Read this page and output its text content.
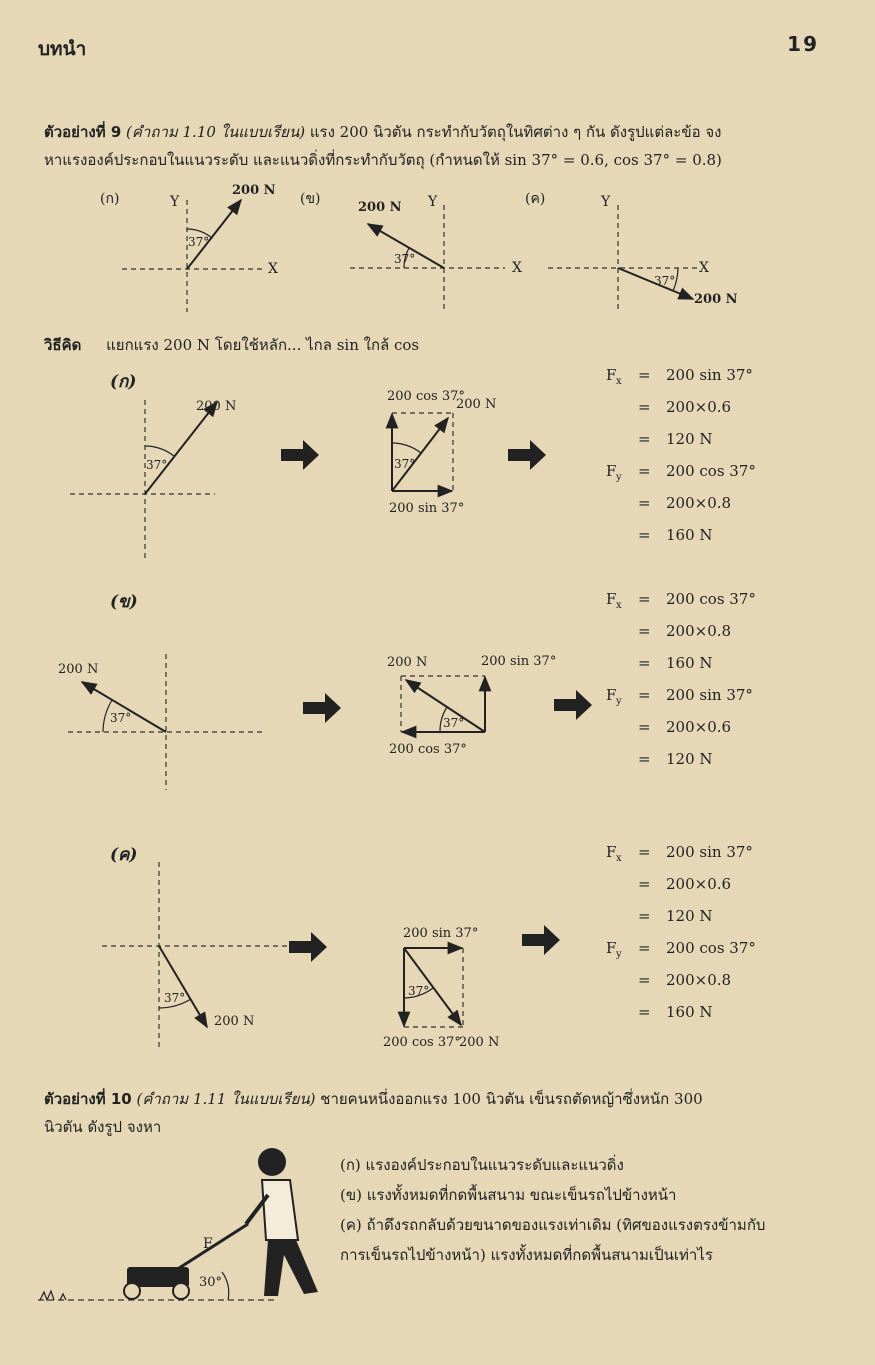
บทนำ	19
ตัวอย่างที่ 9 (คำถาม 1.10 ในแบบเรียน) แรง 200 นิวตัน กระทำกับวัตถุในทิศต่าง ๆ กัน ดังรูปแต่ละข้อ จง
หาแรงองค์ประกอบในแนวระดับ และแนวดิ่งที่กระทำกับวัตถุ (กำหนดให้ sin 37° = 0.6, cos 37° = 0.8)
วิธีคิด แยกแรง 200 N โดยใช้หลัก... ไกล sin ใกล้ cos
(ก)	Y
200 N
37°
X
(ข)
200 N Y
37°
X
(ค)	Y
X
37°
200 N
(ก)
200 N
37°
200 cos 37°
200 N
37°
200 sin 37°
(ข)
200 N
37°
200 N	200 sin 37°
37°
200 cos 37°
(ค)
37°
200 N
200 sin 37°
37°
200 cos 37°
200 N
F x = 200 sin 37°
= 200×0.6
= 120 N
F y = 200 cos 37°
= 200×0.8
= 160 N
F x = 200 cos 37°
= 200×0.8
= 160 N
F y = 200 sin 37°
= 200×0.6
= 120 N
F x = 200 sin 37°
= 200×0.6
= 120 N
F y = 200 cos 37°
= 200×0.8
= 160 N
F
30°
ตัวอย่างที่ 10 (คำถาม 1.11 ในแบบเรียน) ชายคนหนึ่งออกแรง 100 นิวตัน เข็นรถตัดหญ้าซึ่งหนัก 300
นิวตัน ดังรูป จงหา
(ก) แรงองค์ประกอบในแนวระดับและแนวดิ่ง
(ข) แรงทั้งหมดที่กดพื้นสนาม ขณะเข็นรถไปข้างหน้า
(ค) ถ้าดึงรถกลับด้วยขนาดของแรงเท่าเดิม (ทิศของแรงตรงข้ามกับ
การเข็นรถไปข้างหน้า) แรงทั้งหมดที่กดพื้นสนามเป็นเท่าไร
